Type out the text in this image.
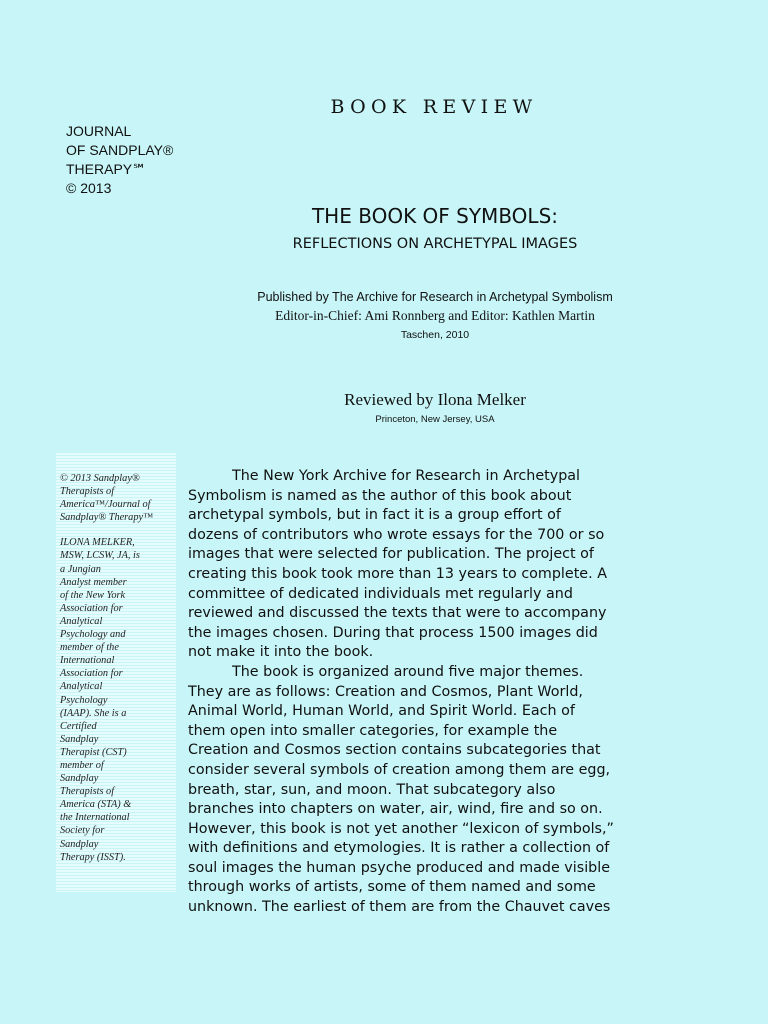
BOOK REVIEW
JOURNAL
OF SANDPLAY®
THERAPY℠
© 2013
THE BOOK OF SYMBOLS:
REFLECTIONS ON ARCHETYPAL IMAGES
Published by The Archive for Research in Archetypal Symbolism
Editor-in-Chief: Ami Ronnberg and Editor: Kathlen Martin
Taschen, 2010
Reviewed by Ilona Melker
Princeton, New Jersey, USA

© 2013 Sandplay®
Therapists of
America™/Journal of
Sandplay® Therapy™

ILONA MELKER,
MSW, LCSW, JA, is
a Jungian
Analyst member
of the New York
Association for
Analytical
Psychology and
member of the
International
Association for
Analytical
Psychology
(IAAP). She is a
Certified
Sandplay
Therapist (CST)
member of
Sandplay
Therapists of
America (STA) &
the International
Society for
Sandplay
Therapy (ISST).

The New York Archive for Research in Archetypal
Symbolism is named as the author of this book about
archetypal symbols, but in fact it is a group effort of
dozens of contributors who wrote essays for the 700 or so
images that were selected for publication. The project of
creating this book took more than 13 years to complete. A
committee of dedicated individuals met regularly and
reviewed and discussed the texts that were to accompany
the images chosen. During that process 1500 images did
not make it into the book.

The book is organized around five major themes.
They are as follows: Creation and Cosmos, Plant World,
Animal World, Human World, and Spirit World. Each of
them open into smaller categories, for example the
Creation and Cosmos section contains subcategories that
consider several symbols of creation among them are egg,
breath, star, sun, and moon. That subcategory also
branches into chapters on water, air, wind, fire and so on.
However, this book is not yet another “lexicon of symbols,”
with definitions and etymologies. It is rather a collection of
soul images the human psyche produced and made visible
through works of artists, some of them named and some
unknown. The earliest of them are from the Chauvet caves
